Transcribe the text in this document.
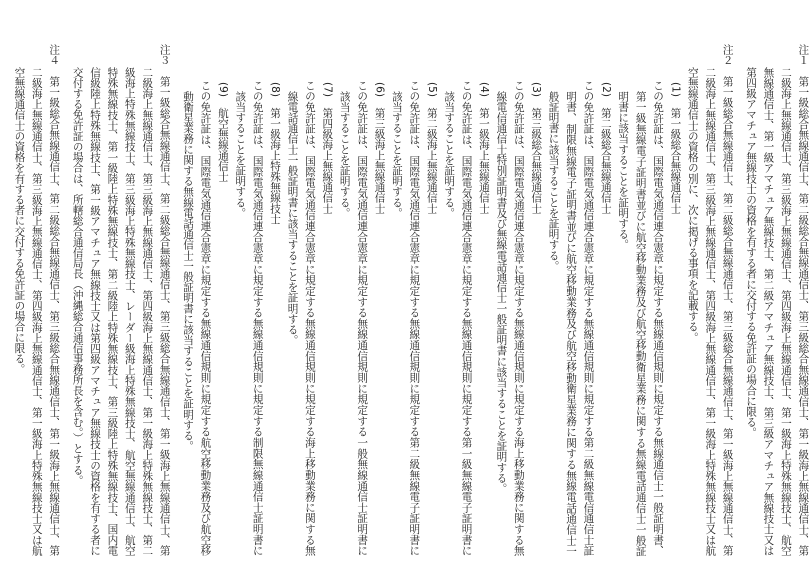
注１　第一級総合無線通信士、第二級総合無線通信士、第三級総合無線通信士、第一級海上無線通信士、第二級海上無線通信士、第三級海上無線通信士、第四級海上無線通信士、第一級海上特殊無線技士、航空無線通信士、第一級アマチュア無線技士、第二級アマチュア無線技士、第三級アマチュア無線技士又は第四級アマチュア無線技士の資格を有する者に交付する免許証の場合に限る。

注２　第一級総合無線通信士、第二級総合無線通信士、第三級総合無線通信士、第一級海上無線通信士、第二級海上無線通信士、第三級海上無線通信士、第四級海上無線通信士、第一級海上特殊無線技士又は航空無線通信士の資格の別に、次に掲げる事項を記載する。

(1)　第一級総合無線通信士

この免許証は、国際電気通信連合憲章に規定する無線通信規則に規定する無線通信士一般証明書、第一級無線電子証明書並びに航空移動業務及び航空移動衛星業務に関する無線電話通信士一般証明書に該当することを証明する。

(2)　第二級総合無線通信士

この免許証は、国際電気通信連合憲章に規定する無線通信規則に規定する第二級無線電信通信士証明書、制限無線電子証明書並びに航空移動業務及び航空移動衛星業務に関する無線電話通信士一般証明書に該当することを証明する。

(3)　第三級総合無線通信士

この免許証は、国際電気通信連合憲章に規定する無線通信規則に規定する海上移動業務に関する無線電信通信士特別証明書及び無線電話通信士一般証明書に該当することを証明する。

(4)　第一級海上無線通信士

この免許証は、国際電気通信連合憲章に規定する無線通信規則に規定する第一級無線電子証明書に該当することを証明する。

(5)　第二級海上無線通信士

この免許証は、国際電気通信連合憲章に規定する無線通信規則に規定する第二級無線電子証明書に該当することを証明する。

(6)　第三級海上無線通信士

この免許証は、国際電気通信連合憲章に規定する無線通信規則に規定する一般無線通信士証明書に該当することを証明する。

(7)　第四級海上無線通信士

この免許証は、国際電気通信連合憲章に規定する無線通信規則に規定する海上移動業務に関する無線電話通信士一般証明書に該当することを証明する。

(8)　第一級海上特殊無線技士

この免許証は、国際電気通信連合憲章に規定する無線通信規則に規定する制限無線通信士証明書に該当することを証明する。

(9)　航空無線通信士

この免許証は、国際電気通信連合憲章に規定する無線通信規則に規定する航空移動業務及び航空移動衛星業務に関する無線電話通信士一般証明書に該当することを証明する。

注３　第一級総合無線通信士、第二級総合無線通信士、第三級総合無線通信士、第一級海上無線通信士、第二級海上無線通信士、第三級海上無線通信士、第四級海上無線通信士、第一級海上特殊無線技士、第二級海上特殊無線技士、第三級海上特殊無線技士、レーダー級海上特殊無線技士、航空無線通信士、航空特殊無線技士、第一級陸上特殊無線技士、第二級陸上特殊無線技士、第三級陸上特殊無線技士、国内電信級陸上特殊無線技士、第一級アマチュア無線技士又は第四級アマチュア無線技士の資格を有する者に交付する免許証の場合は、所轄総合通信局長（沖縄総合通信事務所長を含む。）とする。

注４　第一級総合無線通信士、第二級総合無線通信士、第三級総合無線通信士、第一級海上無線通信士、第二級海上無線通信士、第三級海上無線通信士、第四級海上無線通信士、第一級海上特殊無線技士又は航空無線通信士の資格を有する者に交付する免許証の場合に限る。
